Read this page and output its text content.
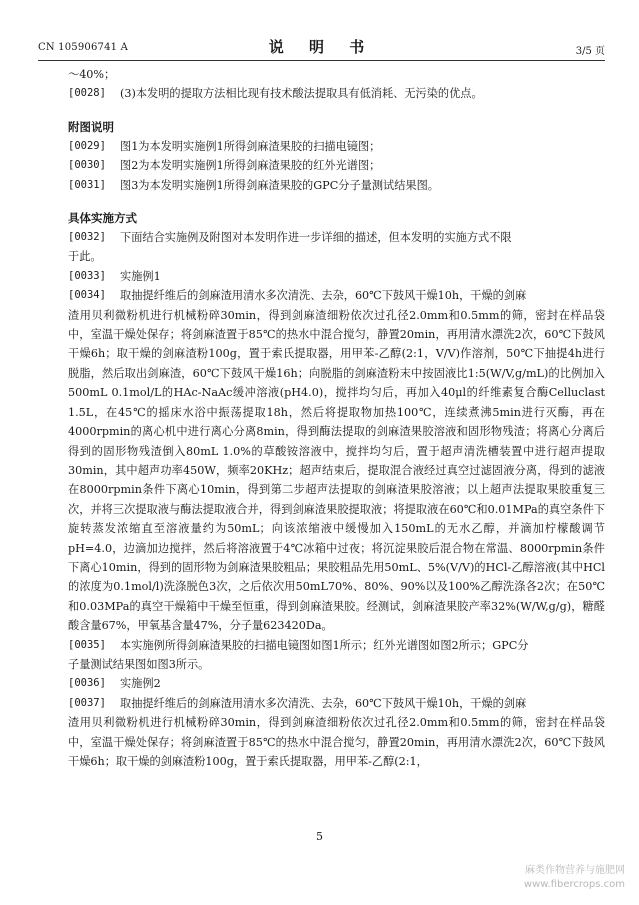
CN 105906741 A	说 明 书	3/5 页

～40%；

[0028] (3)本发明的提取方法相比现有技术酸法提取具有低消耗、无污染的优点。

附图说明

[0029] 图1为本发明实施例1所得剑麻渣果胶的扫描电镜图；

[0030] 图2为本发明实施例1所得剑麻渣果胶的红外光谱图；

[0031] 图3为本发明实施例1所得剑麻渣果胶的GPC分子量测试结果图。

具体实施方式

[0032] 下面结合实施例及附图对本发明作进一步详细的描述，但本发明的实施方式不限

于此。

[0033] 实施例1

[0034] 取抽提纤维后的剑麻渣用清水多次清洗、去杂，60℃下鼓风干燥10h，干燥的剑麻

渣用贝利微粉机进行机械粉碎30min，得到剑麻渣细粉依次过孔径2.0mm和0.5mm的筛，密封在样品袋中，室温干燥处保存；将剑麻渣置于85℃的热水中混合搅匀，静置20min，再用清水漂洗2次，60℃下鼓风干燥6h；取干燥的剑麻渣粉100g，置于索氏提取器，用甲苯-乙醇(2:1，V/V)作溶剂，50℃下抽提4h进行脱脂，然后取出剑麻渣，60℃下鼓风干燥16h；向脱脂的剑麻渣粉末中按固液比1:5(W/V,g/mL)的比例加入500mL 0.1mol/L的HAc-NaAc缓冲溶液(pH4.0)，搅拌均匀后，再加入40μl的纤维素复合酶Celluclast 1.5L，在45℃的摇床水浴中振荡提取18h，然后将提取物加热100℃，连续煮沸5min进行灭酶，再在4000rpmin的离心机中进行离心分离8min，得到酶法提取的剑麻渣果胶溶液和固形物残渣；将离心分离后得到的固形物残渣倒入80mL 1.0%的草酸铵溶液中，搅拌均匀后，置于超声清洗槽装置中进行超声提取30min，其中超声功率450W，频率20KHz；超声结束后，提取混合液经过真空过滤固液分离，得到的滤液在8000rpmin条件下离心10min，得到第二步超声法提取的剑麻渣果胶溶液；以上超声法提取果胶重复三次，并将三次提取液与酶法提取液合并，得到剑麻渣果胶提取液；将提取液在60℃和0.01MPa的真空条件下旋转蒸发浓缩直至溶液量约为50mL；向该浓缩液中缓慢加入150mL的无水乙醇，并滴加柠檬酸调节pH=4.0，边滴加边搅拌，然后将溶液置于4℃冰箱中过夜；将沉淀果胶后混合物在常温、8000rpmin条件下离心10min，得到的固形物为剑麻渣果胶粗品；果胶粗品先用50mL、5%(V/V)的HCl-乙醇溶液(其中HCl的浓度为0.1mol/l)洗涤脱色3次，之后依次用50mL70%、80%、90%以及100%乙醇洗涤各2次；在50℃和0.03MPa的真空干燥箱中干燥至恒重，得到剑麻渣果胶。经测试，剑麻渣果胶产率32%(W/W,g/g)，糖醛酸含量67%，甲氧基含量47%，分子量623420Da。

[0035] 本实施例所得剑麻渣果胶的扫描电镜图如图1所示；红外光谱图如图2所示；GPC分

子量测试结果图如图3所示。

[0036] 实施例2

[0037] 取抽提纤维后的剑麻渣用清水多次清洗、去杂，60℃下鼓风干燥10h，干燥的剑麻

渣用贝利微粉机进行机械粉碎30min，得到剑麻渣细粉依次过孔径2.0mm和0.5mm的筛，密封在样品袋中，室温干燥处保存；将剑麻渣置于85℃的热水中混合搅匀，静置20min，再用清水漂洗2次，60℃下鼓风干燥6h；取干燥的剑麻渣粉100g，置于索氏提取器，用甲苯-乙醇(2:1，

5
麻类作物营养与施肥网
www.fibercrops.com
